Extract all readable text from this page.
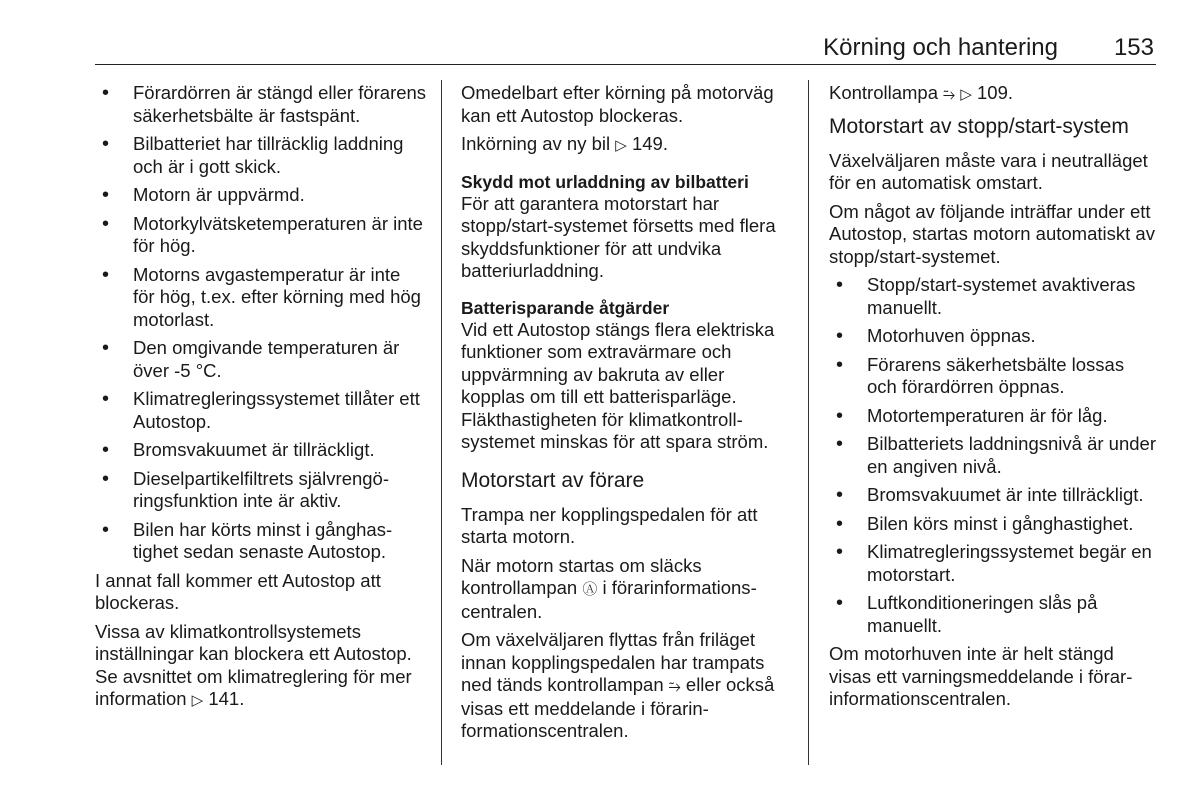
Körning och hantering 153
• Förardörren är stängd eller förarens säkerhetsbälte är fastspänt.
• Bilbatteriet har tillräcklig laddning och är i gott skick.
• Motorn är uppvärmd.
• Motorkylvätsketemperaturen är inte för hög.
• Motorns avgastemperatur är inte för hög, t.ex. efter körning med hög motorlast.
• Den omgivande temperaturen är över -5 °C.
• Klimatregleringssystemet tillåter ett Autostop.
• Bromsvakuumet är tillräckligt.
• Dieselpartikelfiltrets självrengöringsfunktion inte är aktiv.
• Bilen har körts minst i gånghastighet sedan senaste Autostop.

I annat fall kommer ett Autostop att blockeras.

Vissa av klimatkontrollsystemets inställningar kan blockera ett Autostop. Se avsnittet om klimatreglering för mer information ▷ 141.

Omedelbart efter körning på motorväg kan ett Autostop blockeras.

Inkörning av ny bil ▷ 149.

Skydd mot urladdning av bilbatteri

För att garantera motorstart har stopp/start-systemet försetts med flera skyddsfunktioner för att undvika batteriurladdning.

Batterisparande åtgärder

Vid ett Autostop stängs flera elektriska funktioner som extravärmare och uppvärmning av bakruta av eller kopplas om till ett batterisparläge. Fläkthastigheten för klimatkontrollsystemet minskas för att spara ström.

Motorstart av förare

Trampa ner kopplingspedalen för att starta motorn.

När motorn startas om släcks kontrollampan Ⓐ i förarinformationscentralen.

Om växelväljaren flyttas från friläget innan kopplingspedalen har trampats ned tänds kontrollampan ⥲ eller också visas ett meddelande i förarinformationscentralen.

Kontrollampa ⥲ ▷ 109.

Motorstart av stopp/start-system

Växelväljaren måste vara i neutralläget för en automatisk omstart.

Om något av följande inträffar under ett Autostop, startas motorn automatiskt av stopp/start-systemet.

• Stopp/start-systemet avaktiveras manuellt.
• Motorhuven öppnas.
• Förarens säkerhetsbälte lossas och förardörren öppnas.
• Motortemperaturen är för låg.
• Bilbatteriets laddningsnivå är under en angiven nivå.
• Bromsvakuumet är inte tillräckligt.
• Bilen körs minst i gånghastighet.
• Klimatregleringssystemet begär en motorstart.
• Luftkonditioneringen slås på manuellt.

Om motorhuven inte är helt stängd visas ett varningsmeddelande i förarinformationscentralen.
